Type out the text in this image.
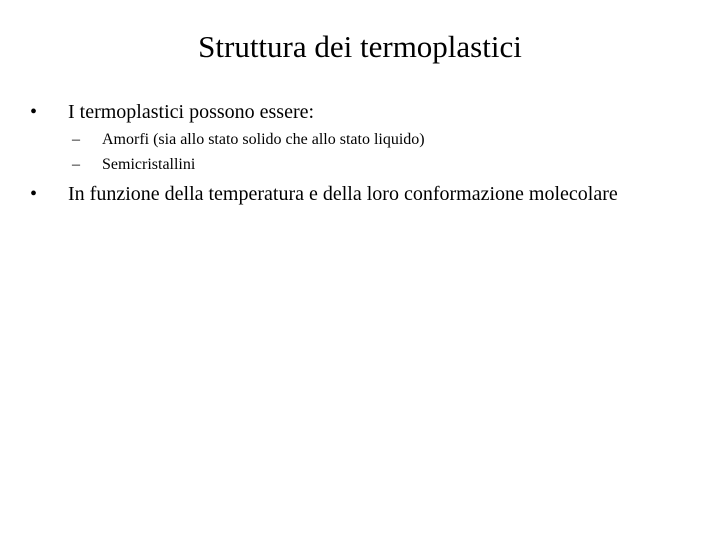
Struttura dei termoplastici
• I termoplastici possono essere:
– Amorfi (sia allo stato solido che allo stato liquido)
– Semicristallini
• In funzione della temperatura e della loro conformazione molecolare
